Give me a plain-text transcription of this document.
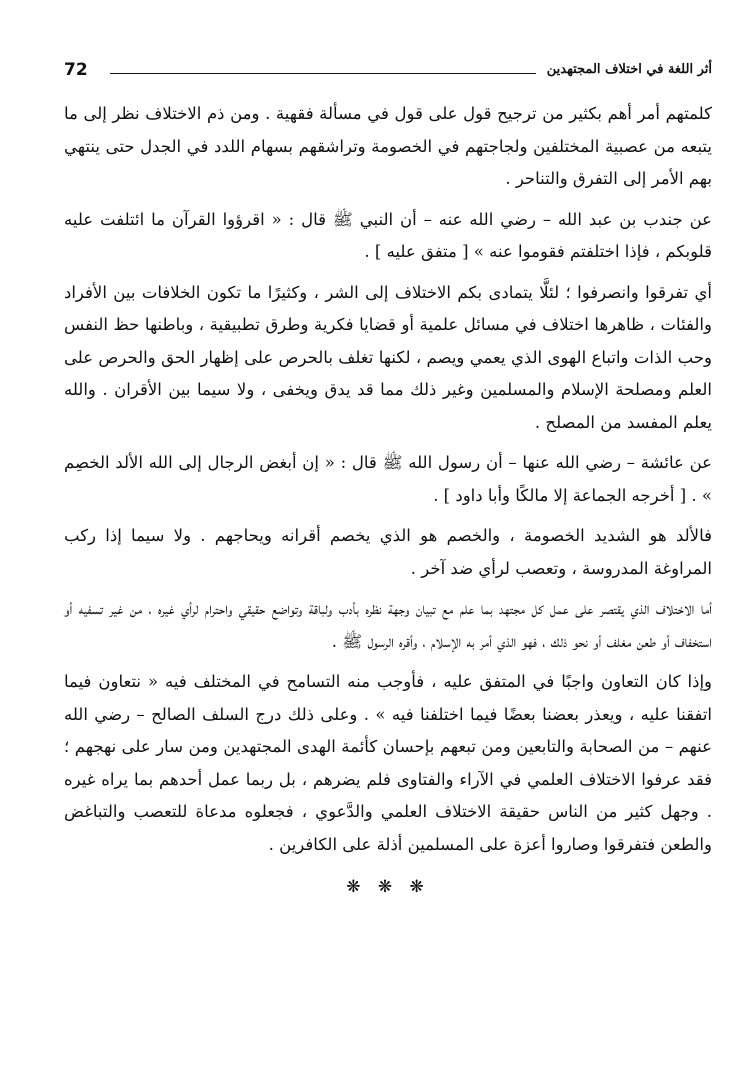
72	أثر اللغة في اختلاف المجتهدين

كلمتهم أمر أهم بكثير من ترجيح قول على قول في مسألة فقهية . ومن ذم الاختلاف نظر إلى ما يتبعه من عصبية المختلفين ولجاجتهم في الخصومة وتراشقهم بسهام اللدد في الجدل حتى ينتهي بهم الأمر إلى التفرق والتناحر .

عن جندب بن عبد الله – رضي الله عنه – أن النبي ﷺ قال : « اقرؤوا القرآن ما ائتلفت عليه قلوبكم ، فإذا اختلفتم فقوموا عنه » [ متفق عليه ] .

أي تفرقوا وانصرفوا ؛ لئلَّا يتمادى بكم الاختلاف إلى الشر ، وكثيرًا ما تكون الخلافات بين الأفراد والفئات ، ظاهرها اختلاف في مسائل علمية أو قضايا فكرية وطرق تطبيقية ، وباطنها حظ النفس وحب الذات واتباع الهوى الذي يعمي ويصم ، لكنها تغلف بالحرص على إظهار الحق والحرص على العلم ومصلحة الإسلام والمسلمين وغير ذلك مما قد يدق ويخفى ، ولا سيما بين الأقران . والله يعلم المفسد من المصلح .

عن عائشة – رضي الله عنها – أن رسول الله ﷺ قال : « إن أبغض الرجال إلى الله الألد الخصِم » . [ أخرجه الجماعة إلا مالكًا وأبا داود ] .

فالألد هو الشديد الخصومة ، والخصم هو الذي يخصم أقرانه ويحاجهم . ولا سيما إذا ركب المراوغة المدروسة ، وتعصب لرأي ضد آخر .

أما الاختلاف الذي يقتصر على عمل كل مجتهد بما علم مع تبيان وجهة نظره بأدب ولباقة وتواضع حقيقي واحترام لرأي غيره ، من غير تسفيه أو استخفاف أو طعن مغلف أو نحو ذلك ، فهو الذي أمر به الإسلام ، وأقره الرسول ﷺ .

وإذا كان التعاون واجبًا في المتفق عليه ، فأوجب منه التسامح في المختلف فيه « نتعاون فيما اتفقنا عليه ، ويعذر بعضنا بعضًا فيما اختلفنا فيه » . وعلى ذلك درج السلف الصالح – رضي الله عنهم – من الصحابة والتابعين ومن تبعهم بإحسان كأئمة الهدى المجتهدين ومن سار على نهجهم ؛ فقد عرفوا الاختلاف العلمي في الآراء والفتاوى فلم يضرهم ، بل ربما عمل أحدهم بما يراه غيره . وجهل كثير من الناس حقيقة الاختلاف العلمي والدَّعوي ، فجعلوه مدعاة للتعصب والتباغض والطعن فتفرقوا وصاروا أعزة على المسلمين أذلة على الكافرين .

❋ ❋ ❋
